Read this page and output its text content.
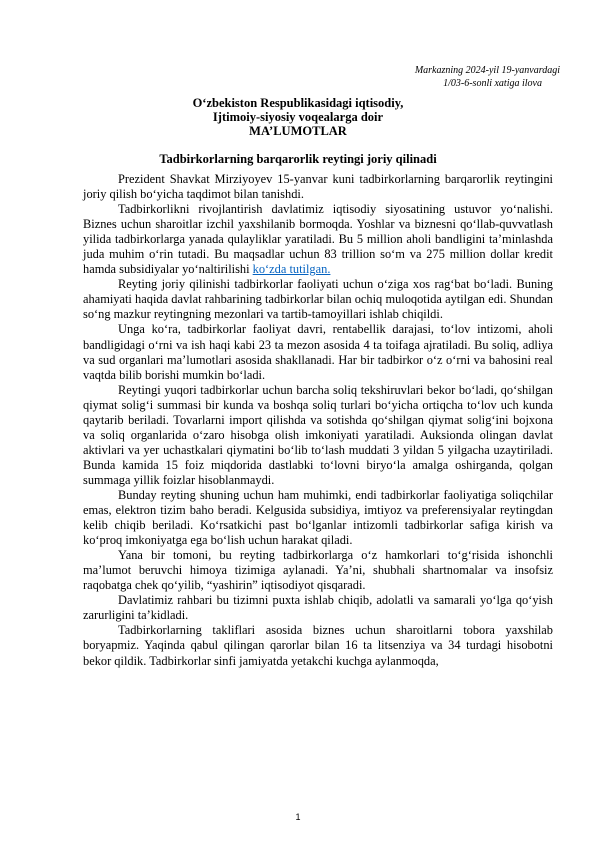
Markazning 2024-yil 19-yanvardagi
1/03-6-sonli xatiga ilova
O‘zbekiston Respublikasidagi iqtisodiy,
Ijtimoiy-siyosiy voqealarga doir
MA’LUMOTLAR
Tadbirkorlarning barqarorlik reytingi joriy qilinadi

Prezident Shavkat Mirziyoyev 15-yanvar kuni tadbirkorlarning barqarorlik reytingini joriy qilish bo‘yicha taqdimot bilan tanishdi.

Tadbirkorlikni rivojlantirish davlatimiz iqtisodiy siyosatining ustuvor yo‘nalishi. Biznes uchun sharoitlar izchil yaxshilanib bormoqda. Yoshlar va biznesni qo‘llab-quvvatlash yilida tadbirkorlarga yanada qulayliklar yaratiladi. Bu 5 million aholi bandligini ta’minlashda juda muhim o‘rin tutadi. Bu maqsadlar uchun 83 trillion so‘m va 275 million dollar kredit hamda subsidiyalar yo‘naltirilishi ko‘zda tutilgan.

Reyting joriy qilinishi tadbirkorlar faoliyati uchun o‘ziga xos rag‘bat bo‘ladi. Buning ahamiyati haqida davlat rahbarining tadbirkorlar bilan ochiq muloqotida aytilgan edi. Shundan so‘ng mazkur reytingning mezonlari va tartib-tamoyillari ishlab chiqildi.

Unga ko‘ra, tadbirkorlar faoliyat davri, rentabellik darajasi, to‘lov intizomi, aholi bandligidagi o‘rni va ish haqi kabi 23 ta mezon asosida 4 ta toifaga ajratiladi. Bu soliq, adliya va sud organlari ma’lumotlari asosida shakllanadi. Har bir tadbirkor o‘z o‘rni va bahosini real vaqtda bilib borishi mumkin bo‘ladi.

Reytingi yuqori tadbirkorlar uchun barcha soliq tekshiruvlari bekor bo‘ladi, qo‘shilgan qiymat solig‘i summasi bir kunda va boshqa soliq turlari bo‘yicha ortiqcha to‘lov uch kunda qaytarib beriladi. Tovarlarni import qilishda va sotishda qo‘shilgan qiymat solig‘ini bojxona va soliq organlarida o‘zaro hisobga olish imkoniyati yaratiladi. Auksionda olingan davlat aktivlari va yer uchastkalari qiymatini bo‘lib to‘lash muddati 3 yildan 5 yilgacha uzaytiriladi. Bunda kamida 15 foiz miqdorida dastlabki to‘lovni biryo‘la amalga oshirganda, qolgan summaga yillik foizlar hisoblanmaydi.

Bunday reyting shuning uchun ham muhimki, endi tadbirkorlar faoliyatiga soliqchilar emas, elektron tizim baho beradi. Kelgusida subsidiya, imtiyoz va preferensiyalar reytingdan kelib chiqib beriladi. Ko‘rsatkichi past bo‘lganlar intizomli tadbirkorlar safiga kirish va ko‘proq imkoniyatga ega bo‘lish uchun harakat qiladi.

Yana bir tomoni, bu reyting tadbirkorlarga o‘z hamkorlari to‘g‘risida ishonchli ma’lumot beruvchi himoya tizimiga aylanadi. Ya’ni, shubhali shartnomalar va insofsiz raqobatga chek qo‘yilib, “yashirin” iqtisodiyot qisqaradi.

Davlatimiz rahbari bu tizimni puxta ishlab chiqib, adolatli va samarali yo‘lga qo‘yish zarurligini ta’kidladi.

Tadbirkorlarning takliflari asosida biznes uchun sharoitlarni tobora yaxshilab boryapmiz. Yaqinda qabul qilingan qarorlar bilan 16 ta litsenziya va 34 turdagi hisobotni bekor qildik. Tadbirkorlar sinfi jamiyatda yetakchi kuchga aylanmoqda,

1
